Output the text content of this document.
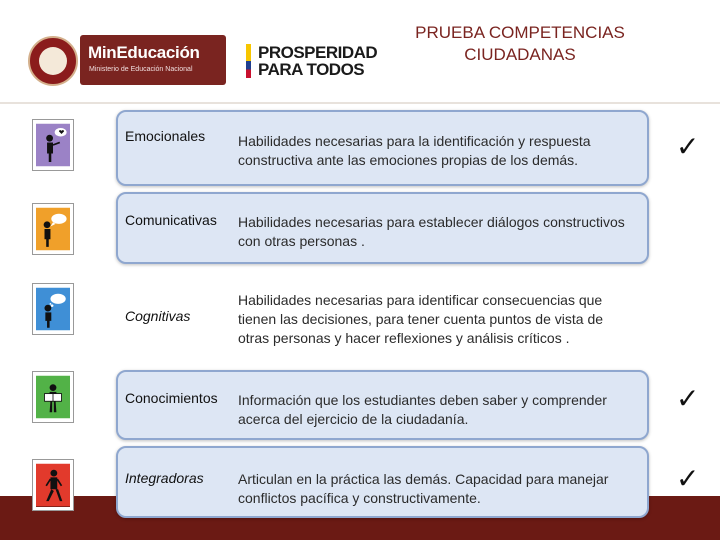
MinEducación
Ministerio de Educación Nacional
PROSPERIDAD
PARA TODOS
PRUEBA COMPETENCIAS CIUDADANAS
Emocionales Habilidades necesarias para la identificación y respuesta constructiva ante las emociones propias de los demás.	✓
Comunicativas Habilidades necesarias para establecer diálogos constructivos con otras personas .
Cognitivas
Habilidades necesarias para identificar consecuencias que tienen las decisiones, para tener cuenta puntos de vista de otras personas y hacer reflexiones y análisis críticos .
Conocimientos Información que los estudiantes deben saber y comprender acerca del ejercicio de la ciudadanía.
✓
Integradoras Articulan en la práctica las demás. Capacidad para manejar conflictos pacífica y constructivamente.
✓
